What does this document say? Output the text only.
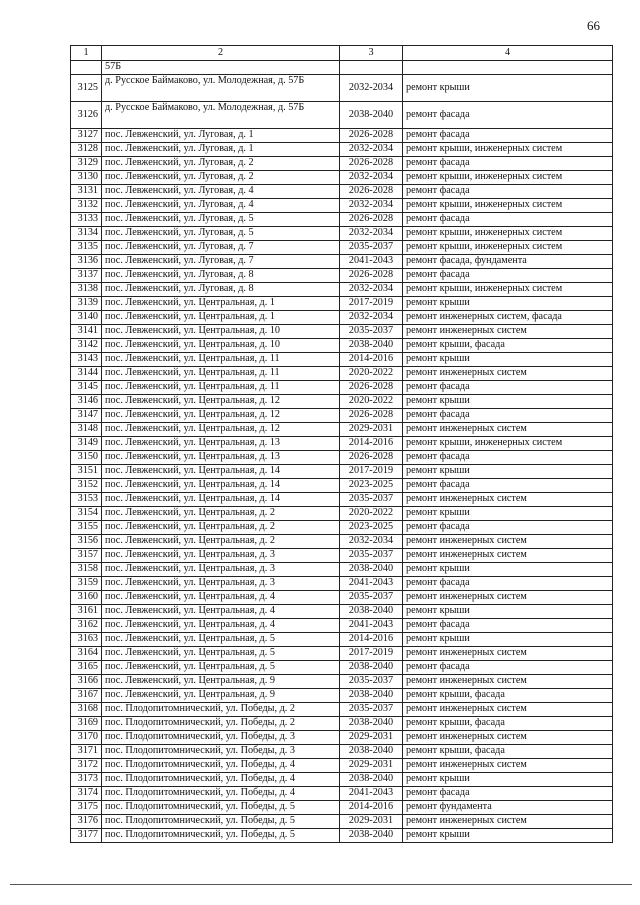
66
1	2	3	4
	57Б		
3125	д. Русское Баймаково, ул. Молодежная, д. 57Б	2032-2034	ремонт крыши
3126	д. Русское Баймаково, ул. Молодежная, д. 57Б	2038-2040	ремонт фасада
3127	пос. Левженский, ул. Луговая, д. 1	2026-2028	ремонт фасада
3128	пос. Левженский, ул. Луговая, д. 1	2032-2034	ремонт крыши, инженерных систем
3129	пос. Левженский, ул. Луговая, д. 2	2026-2028	ремонт фасада
3130	пос. Левженский, ул. Луговая, д. 2	2032-2034	ремонт крыши, инженерных систем
3131	пос. Левженский, ул. Луговая, д. 4	2026-2028	ремонт фасада
3132	пос. Левженский, ул. Луговая, д. 4	2032-2034	ремонт крыши, инженерных систем
3133	пос. Левженский, ул. Луговая, д. 5	2026-2028	ремонт фасада
3134	пос. Левженский, ул. Луговая, д. 5	2032-2034	ремонт крыши, инженерных систем
3135	пос. Левженский, ул. Луговая, д. 7	2035-2037	ремонт крыши, инженерных систем
3136	пос. Левженский, ул. Луговая, д. 7	2041-2043	ремонт фасада, фундамента
3137	пос. Левженский, ул. Луговая, д. 8	2026-2028	ремонт фасада
3138	пос. Левженский, ул. Луговая, д. 8	2032-2034	ремонт крыши, инженерных систем
3139	пос. Левженский, ул. Центральная, д. 1	2017-2019	ремонт крыши
3140	пос. Левженский, ул. Центральная, д. 1	2032-2034	ремонт инженерных систем, фасада
3141	пос. Левженский, ул. Центральная, д. 10	2035-2037	ремонт инженерных систем
3142	пос. Левженский, ул. Центральная, д. 10	2038-2040	ремонт крыши, фасада
3143	пос. Левженский, ул. Центральная, д. 11	2014-2016	ремонт крыши
3144	пос. Левженский, ул. Центральная, д. 11	2020-2022	ремонт инженерных систем
3145	пос. Левженский, ул. Центральная, д. 11	2026-2028	ремонт фасада
3146	пос. Левженский, ул. Центральная, д. 12	2020-2022	ремонт крыши
3147	пос. Левженский, ул. Центральная, д. 12	2026-2028	ремонт фасада
3148	пос. Левженский, ул. Центральная, д. 12	2029-2031	ремонт инженерных систем
3149	пос. Левженский, ул. Центральная, д. 13	2014-2016	ремонт крыши, инженерных систем
3150	пос. Левженский, ул. Центральная, д. 13	2026-2028	ремонт фасада
3151	пос. Левженский, ул. Центральная, д. 14	2017-2019	ремонт крыши
3152	пос. Левженский, ул. Центральная, д. 14	2023-2025	ремонт фасада
3153	пос. Левженский, ул. Центральная, д. 14	2035-2037	ремонт инженерных систем
3154	пос. Левженский, ул. Центральная, д. 2	2020-2022	ремонт крыши
3155	пос. Левженский, ул. Центральная, д. 2	2023-2025	ремонт фасада
3156	пос. Левженский, ул. Центральная, д. 2	2032-2034	ремонт инженерных систем
3157	пос. Левженский, ул. Центральная, д. 3	2035-2037	ремонт инженерных систем
3158	пос. Левженский, ул. Центральная, д. 3	2038-2040	ремонт крыши
3159	пос. Левженский, ул. Центральная, д. 3	2041-2043	ремонт фасада
3160	пос. Левженский, ул. Центральная, д. 4	2035-2037	ремонт инженерных систем
3161	пос. Левженский, ул. Центральная, д. 4	2038-2040	ремонт крыши
3162	пос. Левженский, ул. Центральная, д. 4	2041-2043	ремонт фасада
3163	пос. Левженский, ул. Центральная, д. 5	2014-2016	ремонт крыши
3164	пос. Левженский, ул. Центральная, д. 5	2017-2019	ремонт инженерных систем
3165	пос. Левженский, ул. Центральная, д. 5	2038-2040	ремонт фасада
3166	пос. Левженский, ул. Центральная, д. 9	2035-2037	ремонт инженерных систем
3167	пос. Левженский, ул. Центральная, д. 9	2038-2040	ремонт крыши, фасада
3168	пос. Плодопитомнический, ул. Победы, д. 2	2035-2037	ремонт инженерных систем
3169	пос. Плодопитомнический, ул. Победы, д. 2	2038-2040	ремонт крыши, фасада
3170	пос. Плодопитомнический, ул. Победы, д. 3	2029-2031	ремонт инженерных систем
3171	пос. Плодопитомнический, ул. Победы, д. 3	2038-2040	ремонт крыши, фасада
3172	пос. Плодопитомнический, ул. Победы, д. 4	2029-2031	ремонт инженерных систем
3173	пос. Плодопитомнический, ул. Победы, д. 4	2038-2040	ремонт крыши
3174	пос. Плодопитомнический, ул. Победы, д. 4	2041-2043	ремонт фасада
3175	пос. Плодопитомнический, ул. Победы, д. 5	2014-2016	ремонт фундамента
3176	пос. Плодопитомнический, ул. Победы, д. 5	2029-2031	ремонт инженерных систем
3177	пос. Плодопитомнический, ул. Победы, д. 5	2038-2040	ремонт крыши
